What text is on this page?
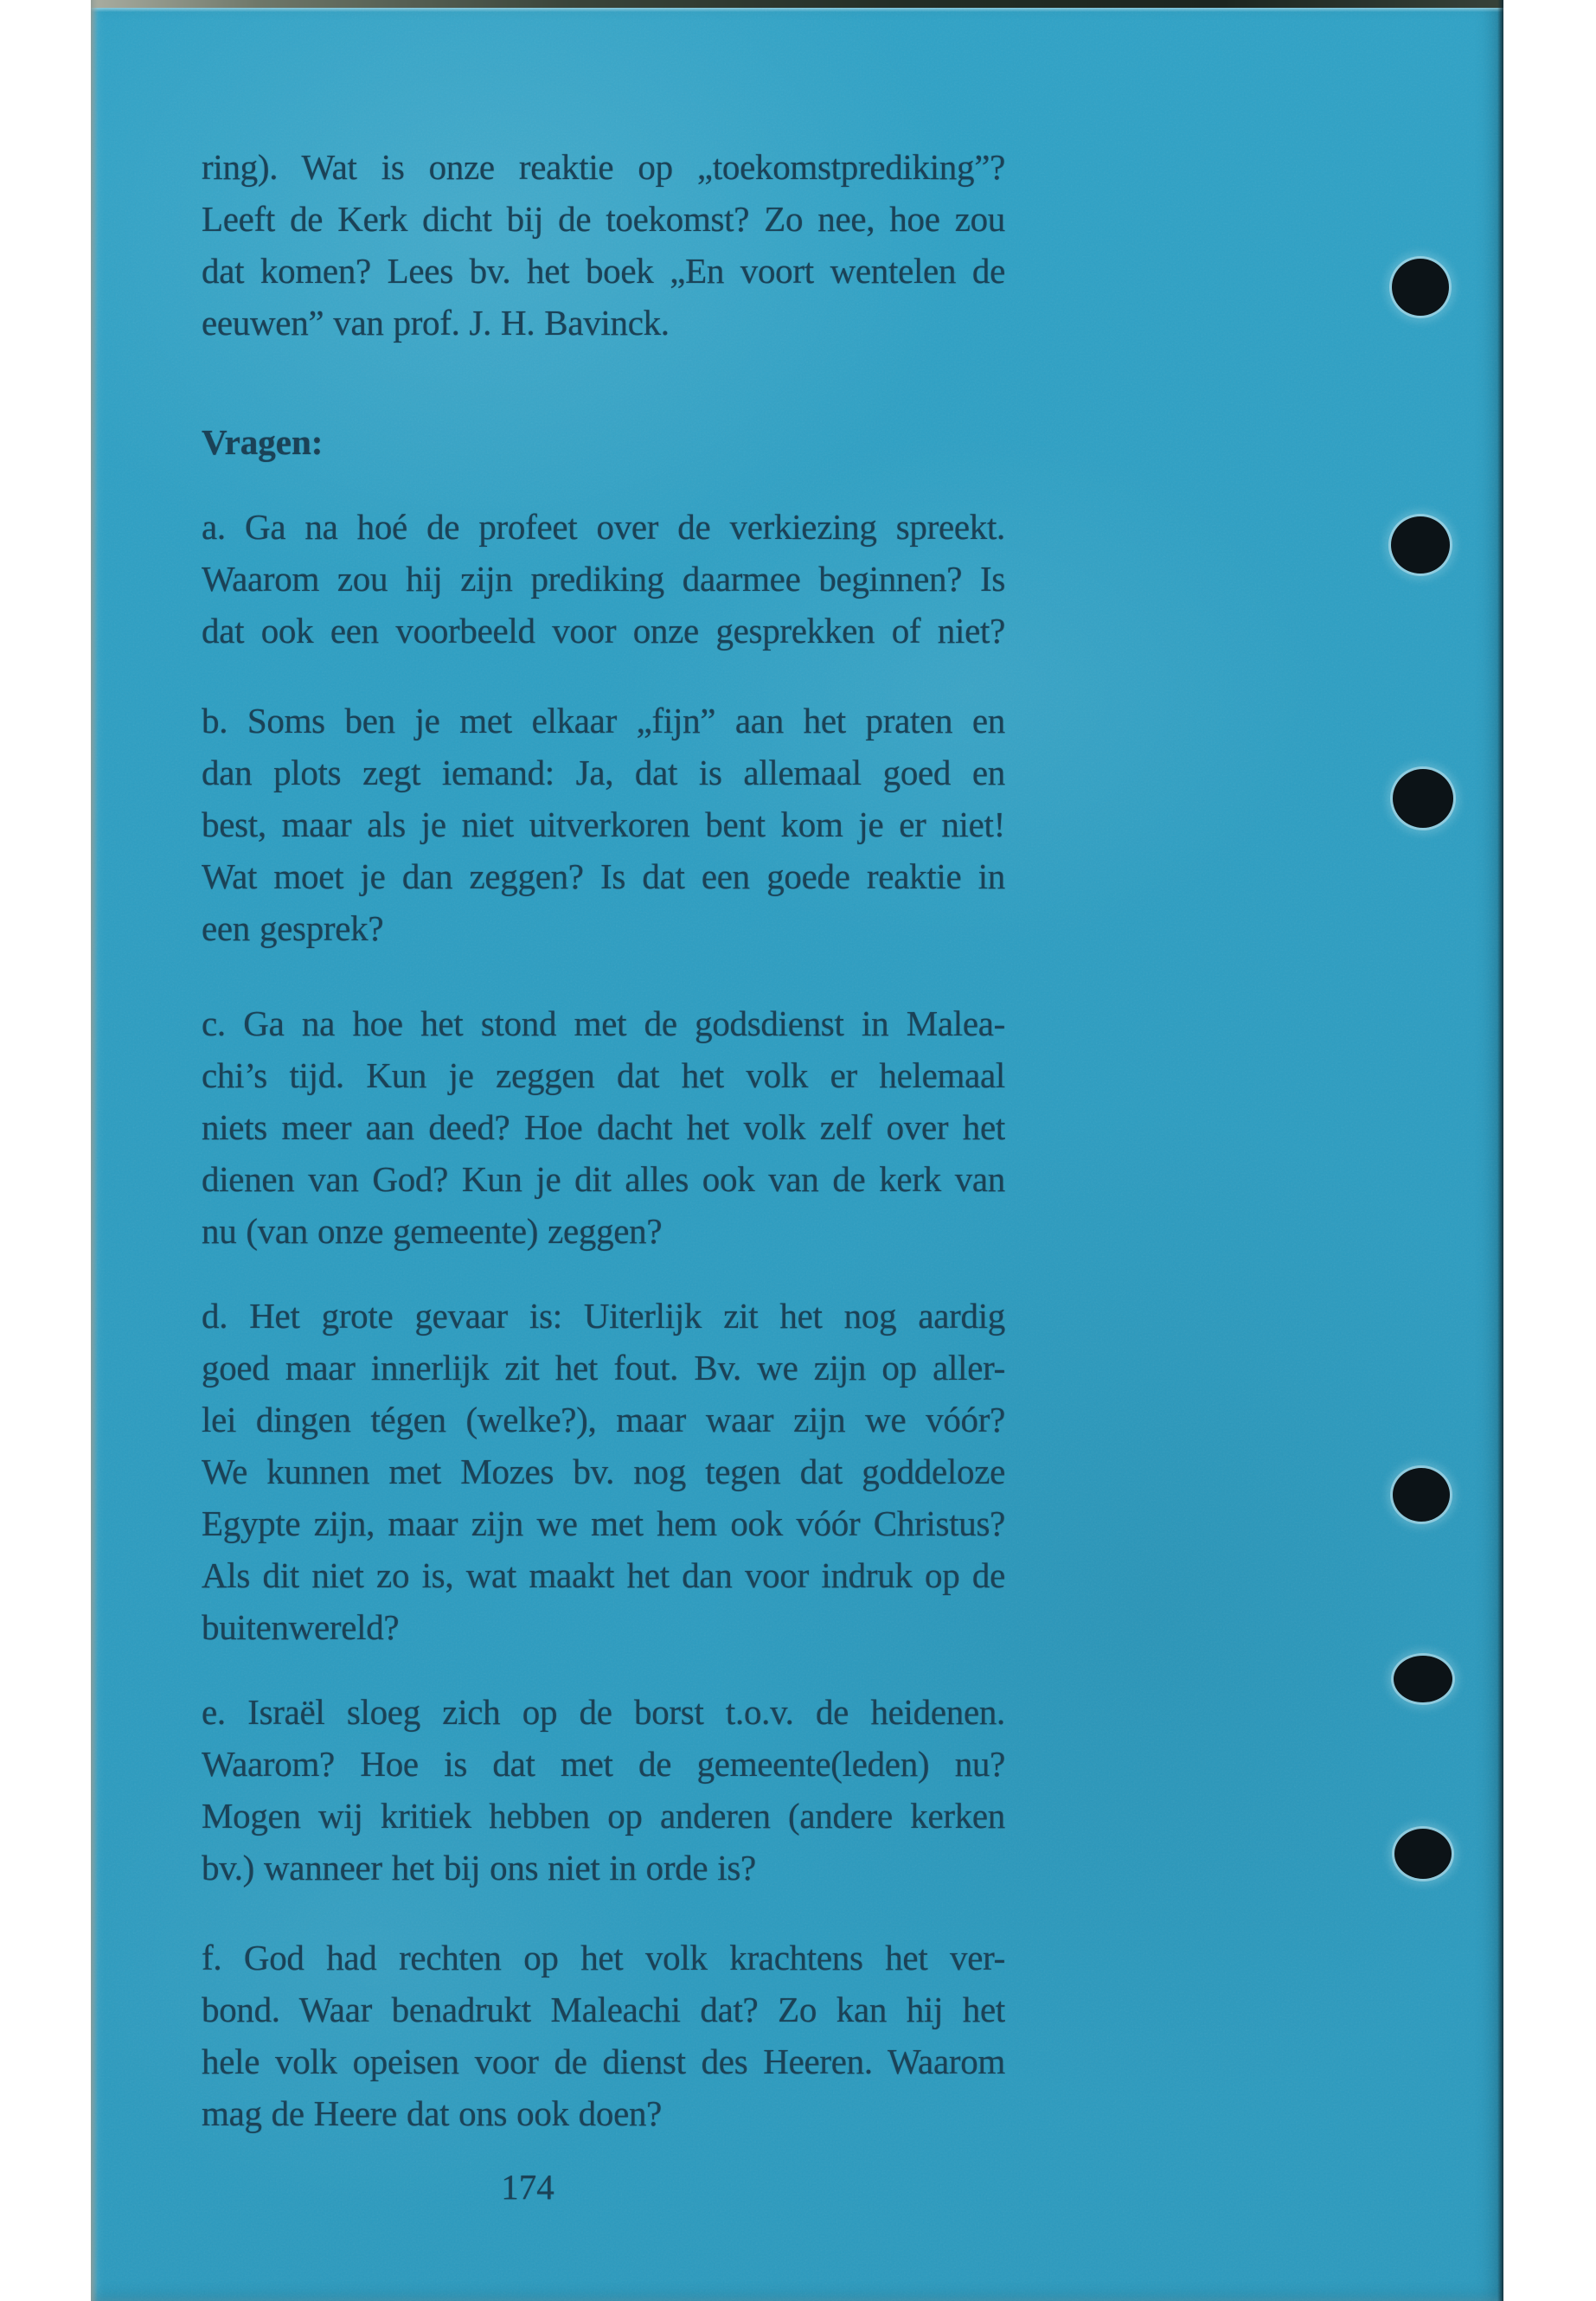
ring). Wat is onze reaktie op „toekomstprediking”?
Leeft de Kerk dicht bij de toekomst? Zo nee, hoe zou
dat komen? Lees bv. het boek „En voort wentelen de
eeuwen” van prof. J. H. Bavinck.
Vragen:
a. Ga na hoé de profeet over de verkiezing spreekt.
Waarom zou hij zijn prediking daarmee beginnen? Is
dat ook een voorbeeld voor onze gesprekken of niet?
b. Soms ben je met elkaar „fijn” aan het praten en
dan plots zegt iemand: Ja, dat is allemaal goed en
best, maar als je niet uitverkoren bent kom je er niet!
Wat moet je dan zeggen? Is dat een goede reaktie in
een gesprek?
c. Ga na hoe het stond met de godsdienst in Malea-
chi’s tijd. Kun je zeggen dat het volk er helemaal
niets meer aan deed? Hoe dacht het volk zelf over het
dienen van God? Kun je dit alles ook van de kerk van
nu (van onze gemeente) zeggen?
d. Het grote gevaar is: Uiterlijk zit het nog aardig
goed maar innerlijk zit het fout. Bv. we zijn op aller-
lei dingen tégen (welke?), maar waar zijn we vóór?
We kunnen met Mozes bv. nog tegen dat goddeloze
Egypte zijn, maar zijn we met hem ook vóór Christus?
Als dit niet zo is, wat maakt het dan voor indruk op de
buitenwereld?
e. Israël sloeg zich op de borst t.o.v. de heidenen.
Waarom? Hoe is dat met de gemeente(leden) nu?
Mogen wij kritiek hebben op anderen (andere kerken
bv.) wanneer het bij ons niet in orde is?
f. God had rechten op het volk krachtens het ver-
bond. Waar benadrukt Maleachi dat? Zo kan hij het
hele volk opeisen voor de dienst des Heeren. Waarom
mag de Heere dat ons ook doen?
174
